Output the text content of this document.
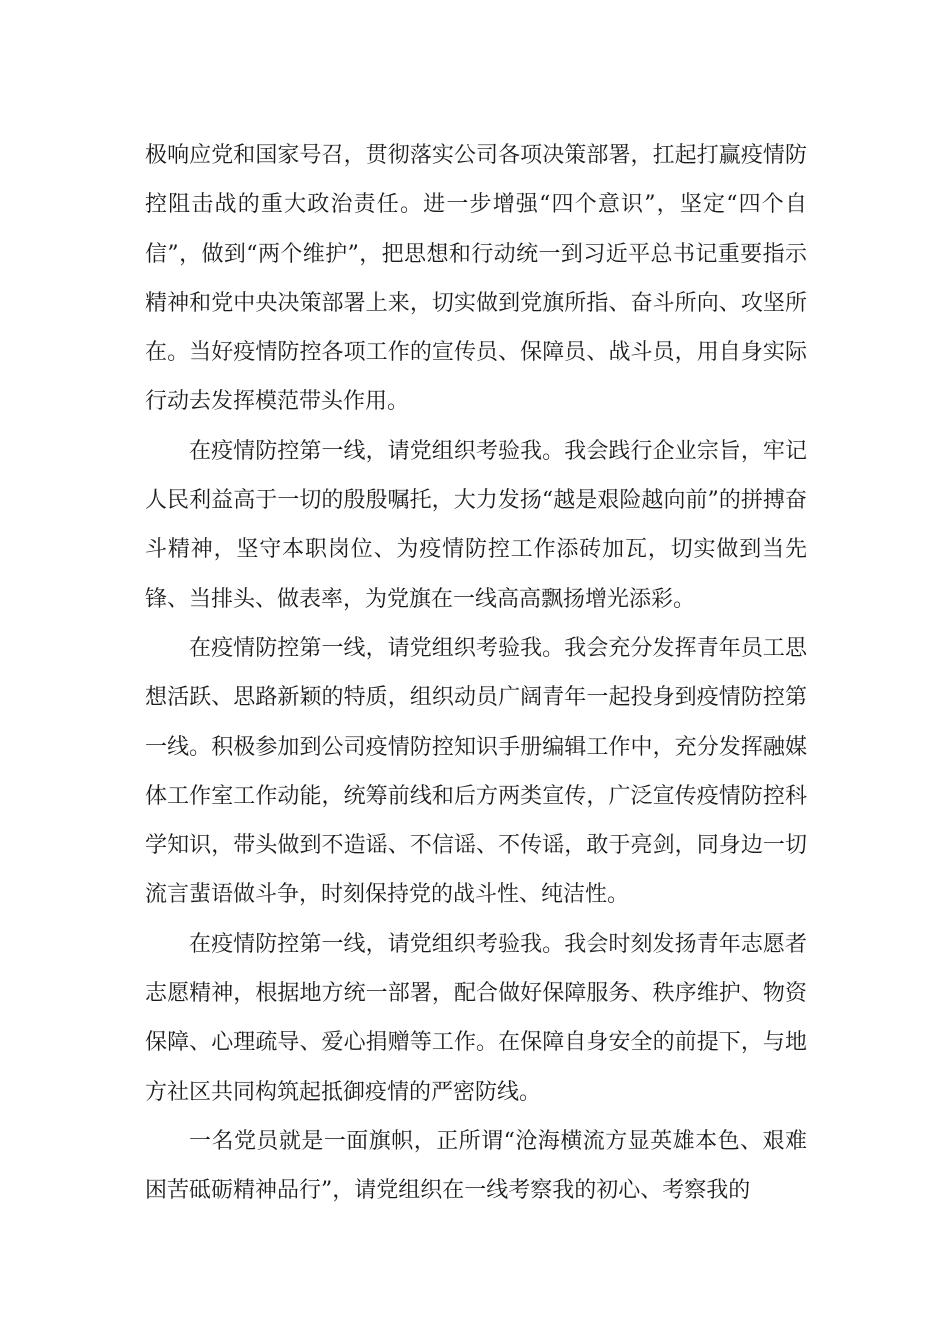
极响应党和国家号召，贯彻落实公司各项决策部署，扛起打赢疫情防控阻击战的重大政治责任。进一步增强“四个意识”，坚定“四个自信”，做到“两个维护”，把思想和行动统一到习近平总书记重要指示精神和党中央决策部署上来，切实做到党旗所指、奋斗所向、攻坚所在。当好疫情防控各项工作的宣传员、保障员、战斗员，用自身实际行动去发挥模范带头作用。

在疫情防控第一线，请党组织考验我。我会践行企业宗旨，牢记人民利益高于一切的殷殷嘱托，大力发扬“越是艰险越向前”的拼搏奋斗精神，坚守本职岗位、为疫情防控工作添砖加瓦，切实做到当先锋、当排头、做表率，为党旗在一线高高飘扬增光添彩。

在疫情防控第一线，请党组织考验我。我会充分发挥青年员工思想活跃、思路新颖的特质，组织动员广阔青年一起投身到疫情防控第一线。积极参加到公司疫情防控知识手册编辑工作中，充分发挥融媒体工作室工作动能，统筹前线和后方两类宣传，广泛宣传疫情防控科学知识，带头做到不造谣、不信谣、不传谣，敢于亮剑，同身边一切流言蜚语做斗争，时刻保持党的战斗性、纯洁性。

在疫情防控第一线，请党组织考验我。我会时刻发扬青年志愿者志愿精神，根据地方统一部署，配合做好保障服务、秩序维护、物资保障、心理疏导、爱心捐赠等工作。在保障自身安全的前提下，与地方社区共同构筑起抵御疫情的严密防线。

一名党员就是一面旗帜，正所谓“沧海横流方显英雄本色、艰难困苦砥砺精神品行”，请党组织在一线考察我的初心、考察我的
